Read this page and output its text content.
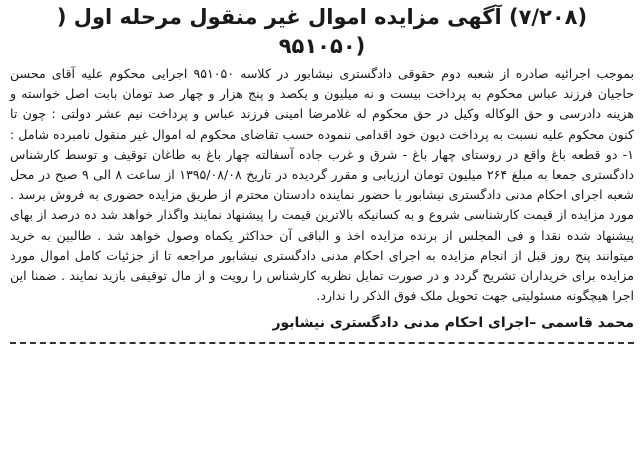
(۷/۲۰۸) آگهی مزایده اموال غیر منقول مرحله اول (
۹۵۱۰۵۰)

بموجب اجرائیه صادره از شعبه دوم حقوقی دادگستری نیشابور در کلاسه ۹۵۱۰۵۰ اجرایی محکوم علیه آقای محسن حاجیان فرزند عباس محکوم به پرداخت بیست و نه میلیون و یکصد و پنج هزار و چهار صد تومان بابت اصل خواسته و هزینه دادرسی و حق الوکاله وکیل در حق محکوم له غلامرضا امینی فرزند عباس و پرداخت نیم عشر دولتی : چون تا کنون محکوم علیه نسبت به پرداخت دیون خود اقدامی ننموده حسب تقاضای محکوم له اموال غیر منقول نامبرده شامل : ۱- دو قطعه باغ واقع در روستای چهار باغ - شرق و غرب جاده آسفالته چهار باغ به طاغان توقیف و توسط کارشناس دادگستری جمعا به مبلغ ۲۶۴ میلیون تومان ارزیابی و مقرر گردیده در تاریخ ۱۳۹۵/۰۸/۰۸ از ساعت ۸ الی ۹ صبح در محل شعبه اجرای احکام مدنی دادگستری نیشابور با حضور نماینده دادستان محترم از طریق مزایده حضوری به فروش برسد . مورد مزایده از قیمت کارشناسی شروع و به کسانیکه بالاترین قیمت را پیشنهاد نمایند واگذار خواهد شد ده درصد از بهای پیشنهاد شده نقدا و فی المجلس از برنده مزایده اخذ و الباقی آن حداکثر یکماه وصول خواهد شد . طالبین به خرید میتوانند پنج روز قبل از انجام مزایده به اجرای احکام مدنی دادگستری نیشابور مراجعه تا از جزئیات کامل اموال مورد مزایده برای خریداران تشریح گردد و در صورت تمایل نظریه کارشناس را رویت و از مال توقیفی بازید نمایند . ضمنا این اجرا هیچگونه مسئولیتی جهت تحویل ملک فوق الذکر را ندارد.

محمد قاسمی –اجرای احکام مدنی دادگستری نیشابور
